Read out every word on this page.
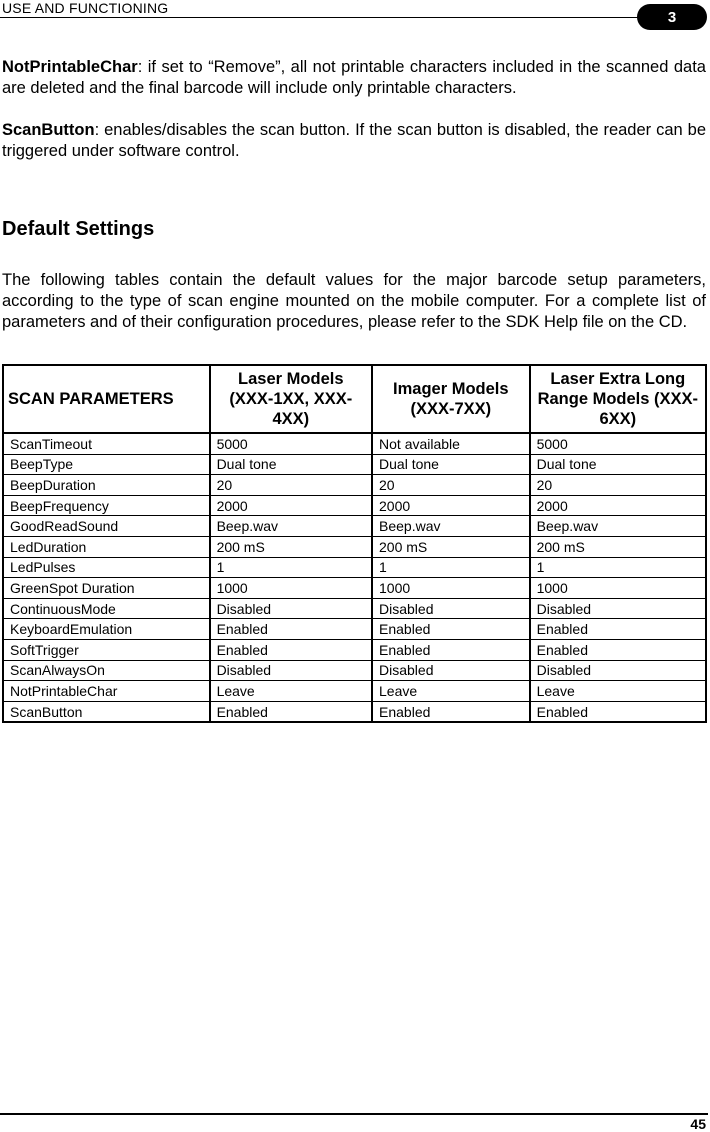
USE AND FUNCTIONING
3
NotPrintableChar: if set to “Remove”, all not printable characters included in the scanned data are deleted and the final barcode will include only printable characters.
ScanButton: enables/disables the scan button. If the scan button is disabled, the reader can be triggered under software control.
Default Settings
The following tables contain the default values for the major barcode setup parameters, according to the type of scan engine mounted on the mobile computer. For a complete list of parameters and of their configuration procedures, please refer to the SDK Help file on the CD.
SCAN PARAMETERS	Laser Models (XXX-1XX, XXX-4XX)	Imager Models (XXX-7XX)	Laser Extra Long Range Models (XXX-6XX)
ScanTimeout	5000	Not available	5000
BeepType	Dual tone	Dual tone	Dual tone
BeepDuration	20	20	20
BeepFrequency	2000	2000	2000
GoodReadSound	Beep.wav	Beep.wav	Beep.wav
LedDuration	200 mS	200 mS	200 mS
LedPulses	1	1	1
GreenSpot Duration	1000	1000	1000
ContinuousMode	Disabled	Disabled	Disabled
KeyboardEmulation	Enabled	Enabled	Enabled
SoftTrigger	Enabled	Enabled	Enabled
ScanAlwaysOn	Disabled	Disabled	Disabled
NotPrintableChar	Leave	Leave	Leave
ScanButton	Enabled	Enabled	Enabled
45
